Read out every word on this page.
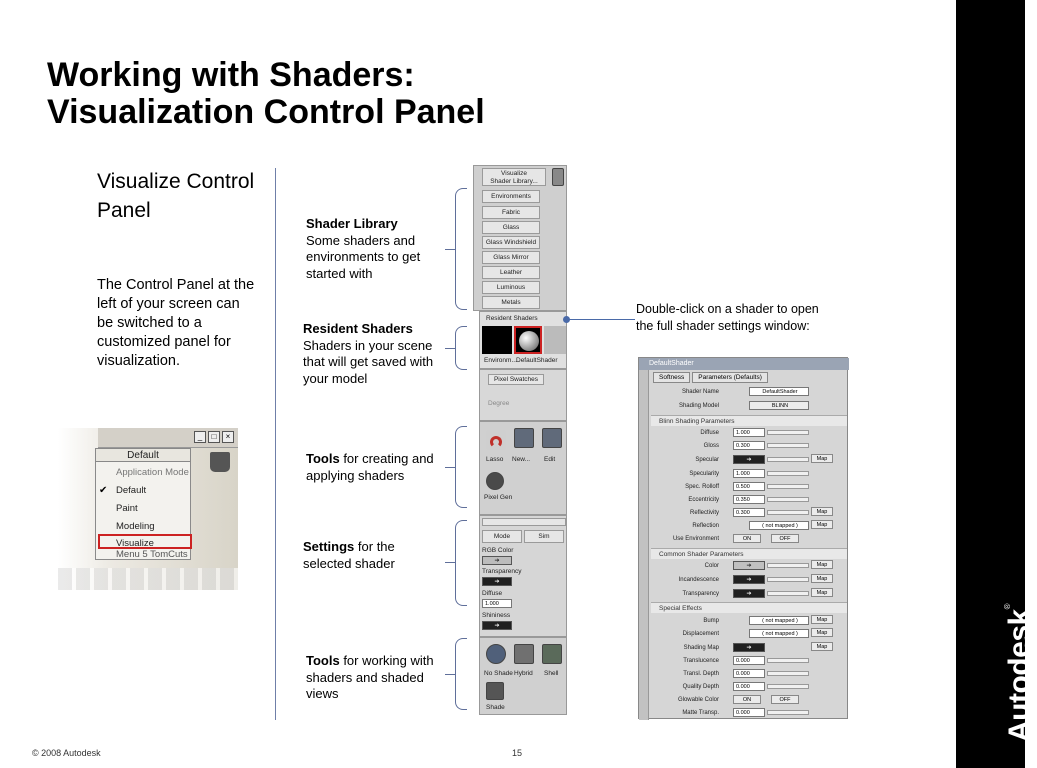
Working with Shaders:
Visualization Control Panel
Autodesk®
Visualize Control Panel
The Control Panel at the left of your screen can be switched to a customized panel for visualization.
_	□	×
Default
Application Mode
✔ Default
Paint
Modeling
Visualize
Menu 5 TomCuts
Shader Library
Some shaders and environments to get started with
Resident Shaders
Shaders in your scene that will get saved with your model
Tools for creating and applying shaders
Settings for the selected shader
Tools for working with shaders and shaded views
Visualize
Shader Library...
Environments
Fabric
Glass
Glass Windshield
Glass Mirror
Leather
Luminous
Metals
Resident Shaders
Environm... DefaultShader
Pixel Swatches
Degree
Lasso New... Edit
Pixel Gen
Mode	Sim
RGB Color
➔
Transparency
➔
Diffuse
1.000
Shininess
➔
No Shade Hybrid Shell
Shade
Double-click on a shader to open the full shader settings window:
DefaultShader
Softness	Parameters (Defaults)
Shader Name	DefaultShader
Shading Model	BLINN
Blinn Shading Parameters
Diffuse	1.000
Gloss	0.300
Specular	➔	Map
Specularity	1.000
Spec. Rolloff	0.500
Eccentricity	0.350
Reflectivity	0.300	Map
Reflection	( not mapped )	Map
Use Environment	ON	OFF
Common Shader Parameters
Color	➔	Map
Incandescence	➔	Map
Transparency	➔	Map
Special Effects
Bump	( not mapped )	Map
Displacement	( not mapped )	Map
Shading Map	➔	Map
Translucence	0.000
Transl. Depth	0.000
Quality Depth	0.000
Glowable Color	ON	OFF
Matte Transp.	0.000
© 2008 Autodesk	15
